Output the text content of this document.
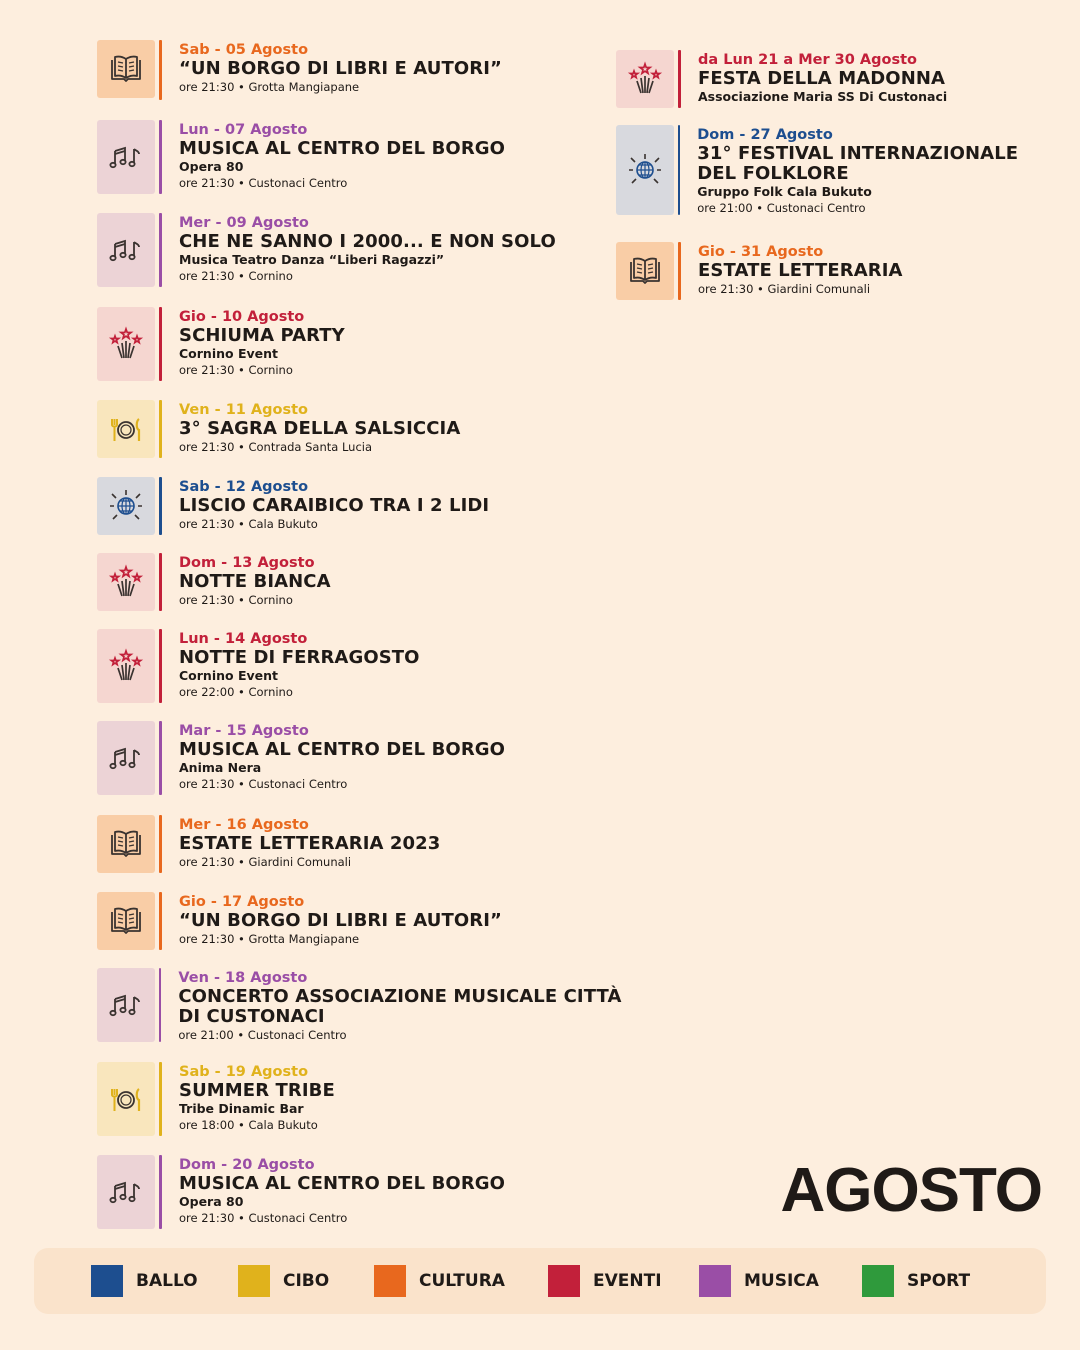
Sab - 05 Agosto
“UN BORGO DI LIBRI E AUTORI”
ore 21:30 • Grotta Mangiapane
Lun - 07 Agosto
MUSICA AL CENTRO DEL BORGO
Opera 80
ore 21:30 • Custonaci Centro
Mer - 09 Agosto
CHE NE SANNO I 2000... E NON SOLO
Musica Teatro Danza “Liberi Ragazzi”
ore 21:30 • Cornino
Gio - 10 Agosto
SCHIUMA PARTY
Cornino Event
ore 21:30 • Cornino
Ven - 11 Agosto
3° SAGRA DELLA SALSICCIA
ore 21:30 • Contrada Santa Lucia
Sab - 12 Agosto
LISCIO CARAIBICO TRA I 2 LIDI
ore 21:30 • Cala Bukuto
Dom - 13 Agosto
NOTTE BIANCA
ore 21:30 • Cornino
Lun - 14 Agosto
NOTTE DI FERRAGOSTO
Cornino Event
ore 22:00 • Cornino
Mar - 15 Agosto
MUSICA AL CENTRO DEL BORGO
Anima Nera
ore 21:30 • Custonaci Centro
Mer - 16 Agosto
ESTATE LETTERARIA 2023
ore 21:30 • Giardini Comunali
Gio - 17 Agosto
“UN BORGO DI LIBRI E AUTORI”
ore 21:30 • Grotta Mangiapane
Ven - 18 Agosto
CONCERTO ASSOCIAZIONE MUSICALE CITTÀ DI CUSTONACI
ore 21:00 • Custonaci Centro
Sab - 19 Agosto
SUMMER TRIBE
Tribe Dinamic Bar
ore 18:00 • Cala Bukuto
Dom - 20 Agosto
MUSICA AL CENTRO DEL BORGO
Opera 80
ore 21:30 • Custonaci Centro
da Lun 21 a Mer 30 Agosto
FESTA DELLA MADONNA
Associazione Maria SS Di Custonaci
Dom - 27 Agosto
31° FESTIVAL INTERNAZIONALE DEL FOLKLORE
Gruppo Folk Cala Bukuto
ore 21:00 • Custonaci Centro
Gio - 31 Agosto
ESTATE LETTERARIA
ore 21:30 • Giardini Comunali
AGOSTO
BALLO	CIBO	CULTURA	EVENTI	MUSICA	SPORT
